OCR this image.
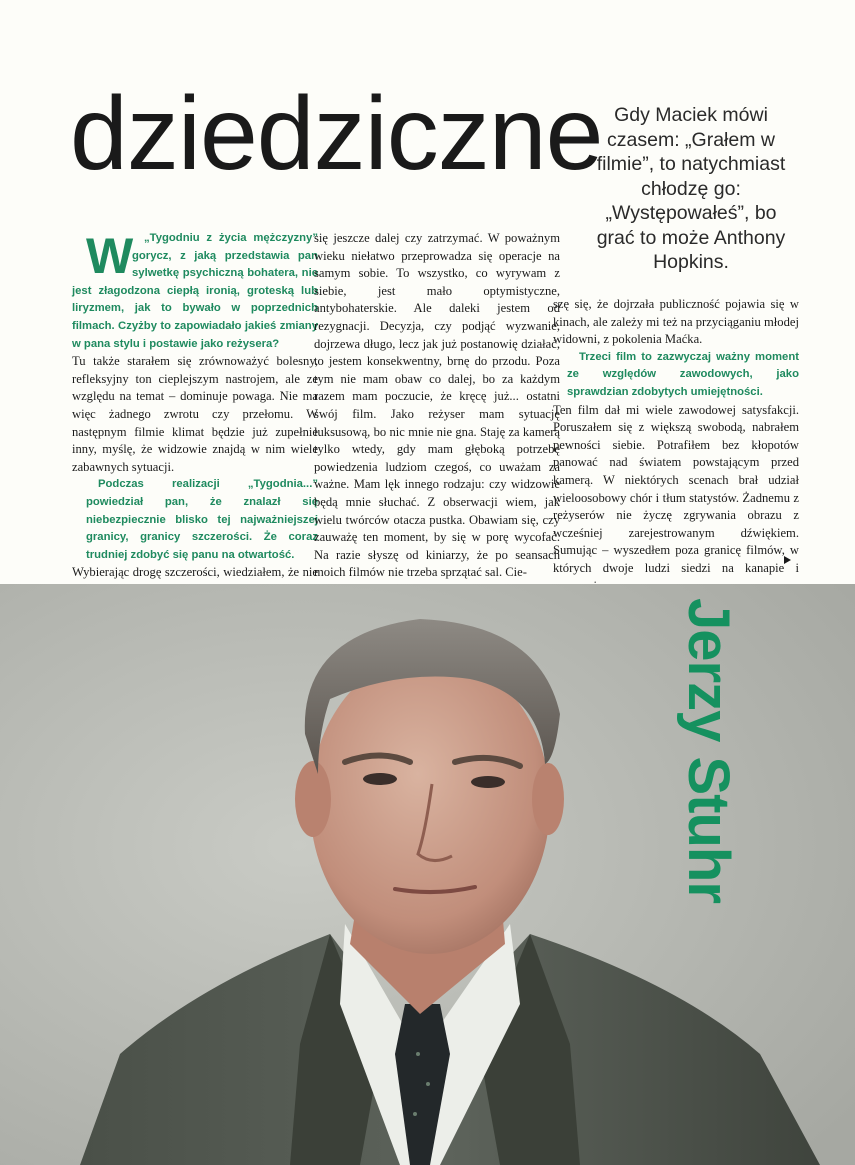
dziedziczne Gdy Maciek mówi czasem: „Grałem w filmie”, to natychmiast chłodzę go: „Występowałeś”, bo grać to może Anthony Hopkins.

W „Tygodniu z życia mężczyzny” gorycz, z jaką przedstawia pan sylwetkę psychiczną bohatera, nie jest złagodzona ciepłą ironią, groteską lub liryzmem, jak to bywało w poprzednich filmach. Czyżby to zapowiadało jakieś zmiany w pana stylu i postawie jako reżysera?

Tu także starałem się zrównoważyć bolesny, refleksyjny ton cieplejszym nastrojem, ale ze względu na temat – dominuje powaga. Nie ma więc żadnego zwrotu czy przełomu. W następnym filmie klimat będzie już zupełnie inny, myślę, że widzowie znajdą w nim wiele zabawnych sytuacji.

Podczas realizacji „Tygodnia...” powiedział pan, że znalazł się niebezpiecznie blisko tej najważniejszej granicy, granicy szczerości. Że coraz trudniej zdobyć się panu na otwartość.

Wybierając drogę szczerości, wiedziałem, że nie

się jeszcze dalej czy zatrzymać. W poważnym wieku niełatwo przeprowadza się operacje na samym sobie. To wszystko, co wyrywam z siebie, jest mało optymistyczne, antybohaterskie. Ale daleki jestem od rezygnacji. Decyzja, czy podjąć wyzwanie, dojrzewa długo, lecz jak już postanowię działać, to jestem konsekwentny, brnę do przodu. Poza tym nie mam obaw co dalej, bo za każdym razem mam poczucie, że kręcę już... ostatni swój film. Jako reżyser mam sytuację luksusową, bo nic mnie nie gna. Staję za kamerą tylko wtedy, gdy mam głęboką potrzebę powiedzenia ludziom czegoś, co uważam za ważne. Mam lęk innego rodzaju: czy widzowie będą mnie słuchać. Z obserwacji wiem, jak wielu twórców otacza pustka. Obawiam się, czy zauważę ten moment, by się w porę wycofać. Na razie słyszę od kiniarzy, że po seansach moich filmów nie trzeba sprzątać sal. Cie-

szę się, że dojrzała publiczność pojawia się w kinach, ale zależy mi też na przyciąganiu młodej widowni, z pokolenia Maćka.

Trzeci film to zazwyczaj ważny moment ze względów zawodowych, jako sprawdzian zdobytych umiejętności.

Ten film dał mi wiele zawodowej satysfakcji. Poruszałem się z większą swobodą, nabrałem pewności siebie. Potrafiłem bez kłopotów panować nad światem powstającym przed kamerą. W niektórych scenach brał udział wieloosobowy chór i tłum statystów. Żadnemu z reżyserów nie życzę zgrywania obrazu z wcześniej zarejestrowanym dźwiękiem. Sumując – wyszedłem poza granicę filmów, w których dwoje ludzi siedzi na kanapie i

Jerzy Stuhr
